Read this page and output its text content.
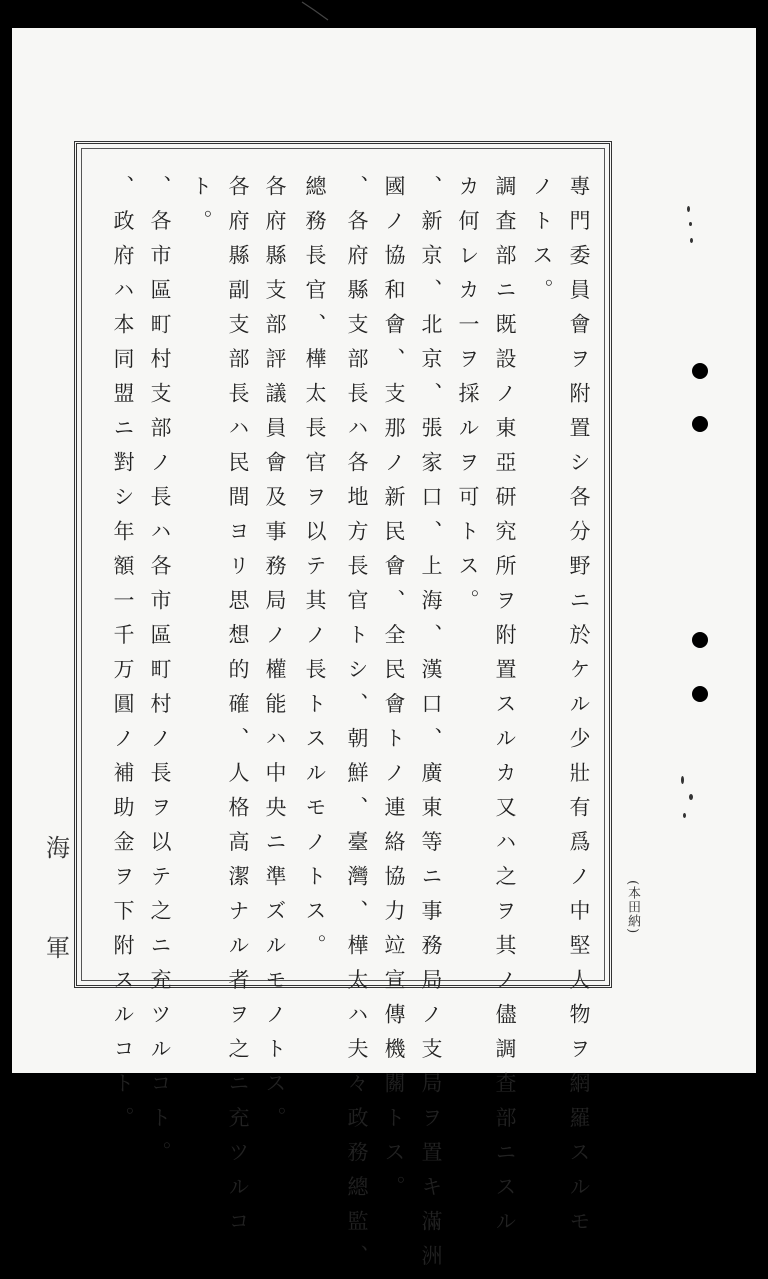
專門委員會ヲ附置シ各分野ニ於ケル少壯有爲ノ中堅人物ヲ網羅スルモ
ノトス。
調査部ニ既設ノ東亞研究所ヲ附置スルカ又ハ之ヲ其ノ儘調査部ニスル
カ何レカ一ヲ採ルヲ可トス。
、新京、北京、張家口、上海、漢口、廣東等ニ事務局ノ支局ヲ置キ滿洲
國ノ協和會、支那ノ新民會、全民會トノ連絡協力竝宣傳機關トス。
、各府縣支部長ハ各地方長官トシ、朝鮮、臺灣、樺太ハ夫々政務總監、
總務長官、樺太長官ヲ以テ其ノ長トスルモノトス。
各府縣支部評議員會及事務局ノ權能ハ中央ニ準ズルモノトス。
各府縣副支部長ハ民間ヨリ思想的確、人格高潔ナル者ヲ之ニ充ツルコ
ト。
、各市區町村支部ノ長ハ各市區町村ノ長ヲ以テ之ニ充ツルコト。
、政府ハ本同盟ニ對シ年額一千万圓ノ補助金ヲ下附スルコト。
海
軍
(本田納)
